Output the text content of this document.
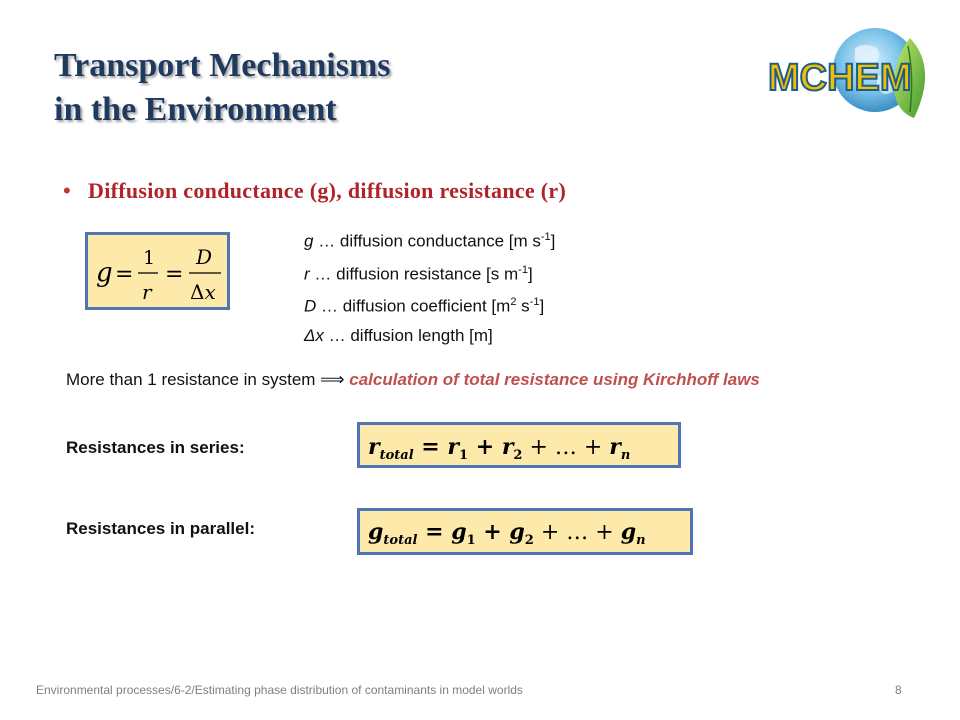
Transport Mechanisms
in the Environment
MCHEM
• Diffusion conductance (g), diffusion resistance (r)
g =
1
r
=
D
Δx
g … diffusion conductance [m $s^{-1}$]
r … diffusion resistance [s $m^{-1}$]
D … diffusion coefficient [$m^2$ $s^{-1}$]
Δx … diffusion length [m]
More than 1 resistance in system ⟹ calculation of total resistance using Kirchhoff laws
Resistances in series:	$r_{total} = r_1 + r_2$ + … + $r_n$
Resistances in parallel:	$g_{total} = g_1 + g_2$ + … + $g_n$
Environmental processes/6-2/Estimating phase distribution of contaminants in model worlds	8
